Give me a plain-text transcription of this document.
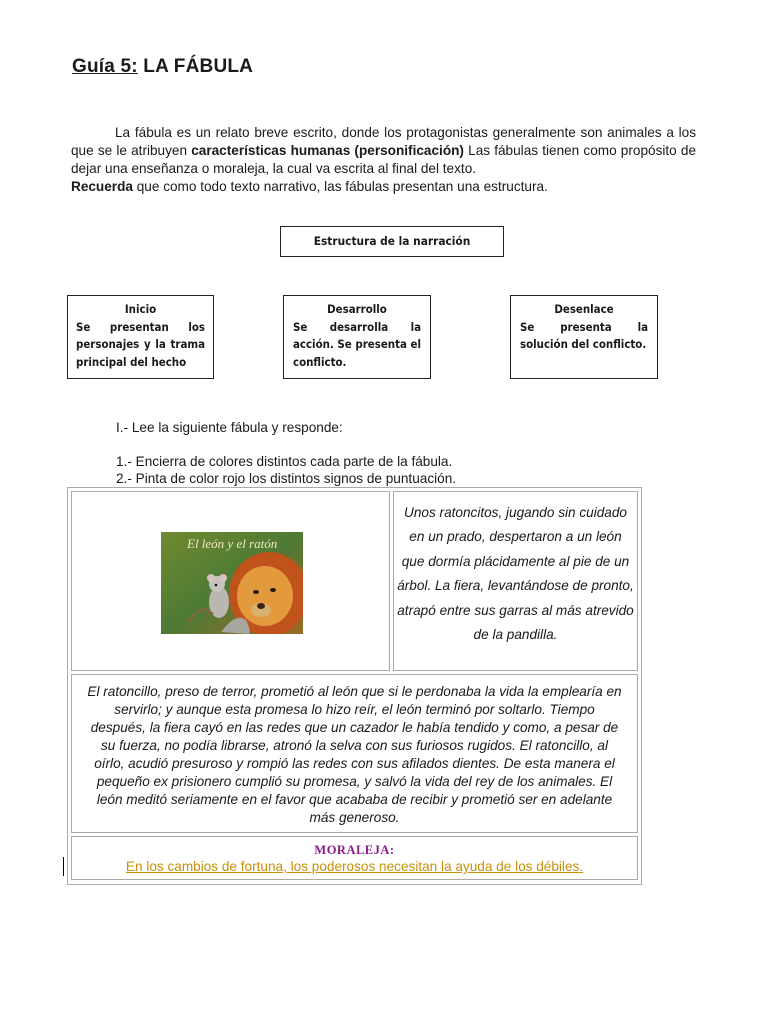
Guía 5: LA FÁBULA

La fábula es un relato breve escrito, donde los protagonistas generalmente son animales a los que se le atribuyen características humanas (personificación) Las fábulas tienen como propósito de dejar una enseñanza o moraleja, la cual va escrita al final del texto.

Recuerda que como todo texto narrativo, las fábulas presentan una estructura.

Estructura de la narración
Inicio
Se presentan los personajes y la trama principal del hecho
Desarrollo
Se desarrolla la acción. Se presenta el conflicto.
Desenlace
Se presenta la solución del conflicto.
I.- Lee la siguiente fábula y responde:
1.- Encierra de colores distintos cada parte de la fábula.
2.- Pinta de color rojo los distintos signos de puntuación.
El león y el ratón
Unos ratoncitos, jugando sin cuidado en un prado, despertaron a un león que dormía plácidamente al pie de un árbol. La fiera, levantándose de pronto, atrapó entre sus garras al más atrevido de la pandilla.
El ratoncillo, preso de terror, prometió al león que si le perdonaba la vida la emplearía en servirlo; y aunque esta promesa lo hizo reír, el león terminó por soltarlo. Tiempo después, la fiera cayó en las redes que un cazador le había tendido y como, a pesar de su fuerza, no podía librarse, atronó la selva con sus furiosos rugidos. El ratoncillo, al oírlo, acudió presuroso y rompió las redes con sus afilados dientes. De esta manera el pequeño ex prisionero cumplió su promesa, y salvó la vida del rey de los animales. El león meditó seriamente en el favor que acababa de recibir y prometió ser en adelante más generoso.
MORALEJA:
En los cambios de fortuna, los poderosos necesitan la ayuda de los débiles.
